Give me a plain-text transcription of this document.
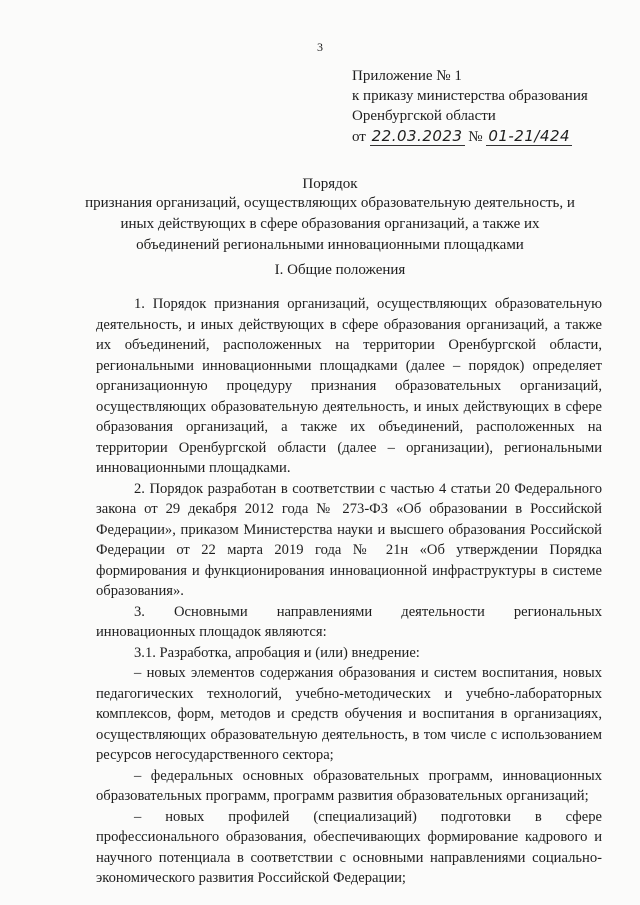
3
Приложение № 1
к приказу министерства образования
Оренбургской области
от 22.03.2023 № 01-21/424
Порядок
признания организаций, осуществляющих образовательную деятельность, и иных действующих в сфере образования организаций, а также их объединений региональными инновационными площадками
I. Общие положения

1. Порядок признания организаций, осуществляющих образовательную деятельность, и иных действующих в сфере образования организаций, а также их объединений, расположенных на территории Оренбургской области, региональными инновационными площадками (далее – порядок) определяет организационную процедуру признания образовательных организаций, осуществляющих образовательную деятельность, и иных действующих в сфере образования организаций, а также их объединений, расположенных на территории Оренбургской области (далее – организации), региональными инновационными площадками.

2. Порядок разработан в соответствии с частью 4 статьи 20 Федерального закона от 29 декабря 2012 года № 273-ФЗ «Об образовании в Российской Федерации», приказом Министерства науки и высшего образования Российской Федерации от 22 марта 2019 года № 21н «Об утверждении Порядка формирования и функционирования инновационной инфраструктуры в системе образования».

3. Основными направлениями деятельности региональных инновационных площадок являются:

3.1. Разработка, апробация и (или) внедрение:

– новых элементов содержания образования и систем воспитания, новых педагогических технологий, учебно-методических и учебно-лабораторных комплексов, форм, методов и средств обучения и воспитания в организациях, осуществляющих образовательную деятельность, в том числе с использованием ресурсов негосударственного сектора;

– федеральных основных образовательных программ, инновационных образовательных программ, программ развития образовательных организаций;

– новых профилей (специализаций) подготовки в сфере профессионального образования, обеспечивающих формирование кадрового и научного потенциала в соответствии с основными направлениями социально-экономического развития Российской Федерации;
